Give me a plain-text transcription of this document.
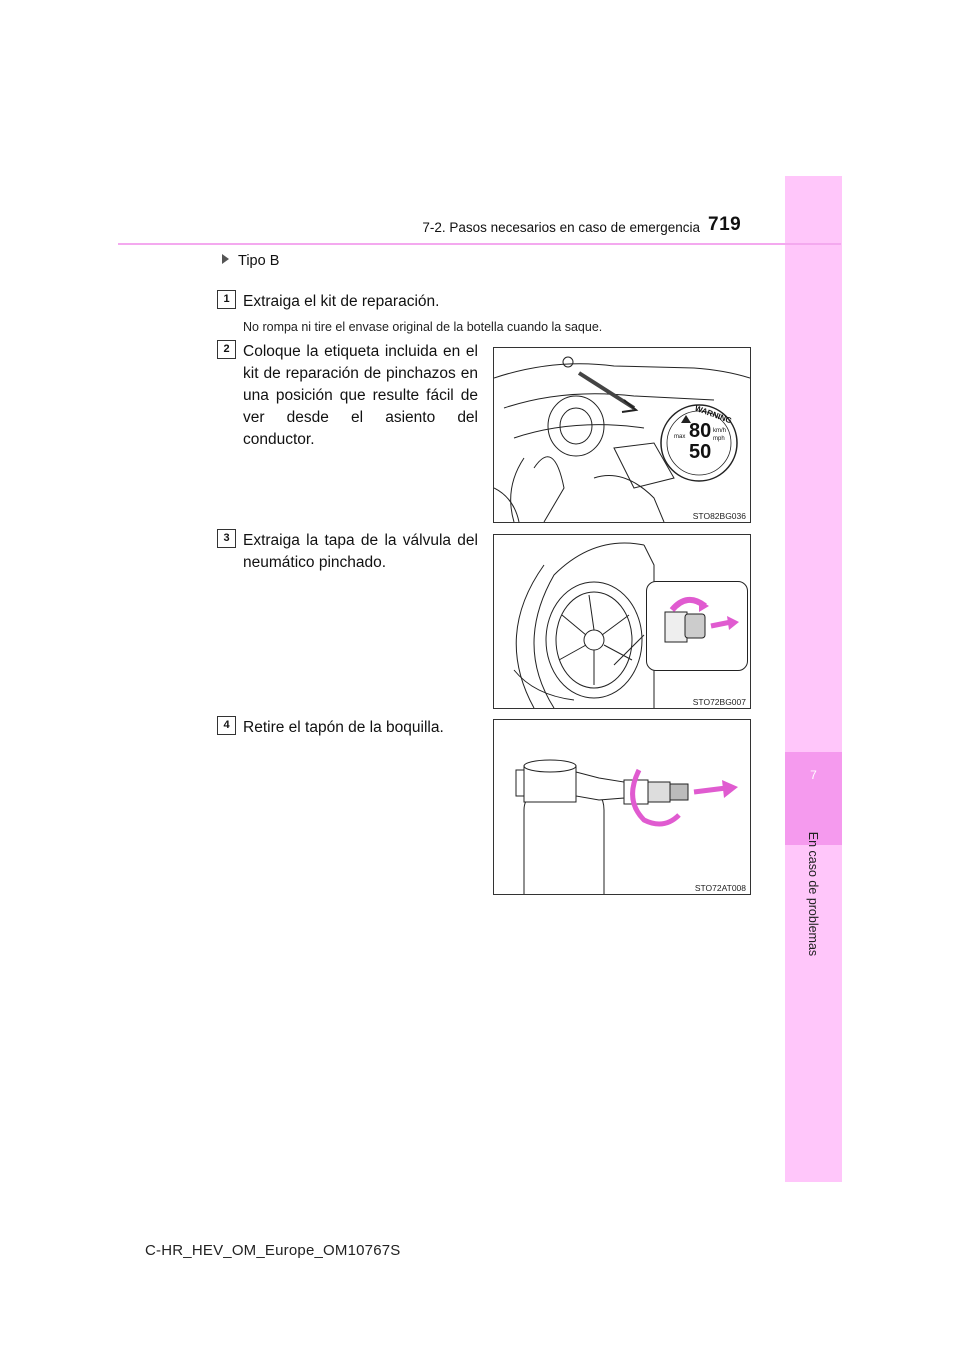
7
En caso de problemas
7-2. Pasos necesarios en caso de emergencia 719
Tipo B
1 Extraiga el kit de reparación.
No rompa ni tire el envase original de la botella cuando la saque.
2 Coloque la etiqueta incluida en el kit de reparación de pinchazos en una posición que resulte fácil de ver desde el asiento del conductor.
WARNING
80
50
km/h
mph
max
STO82BG036
3 Extraiga la tapa de la válvula del neumático pinchado.
STO72BG007
4 Retire el tapón de la boquilla.
STO72AT008
C-HR_HEV_OM_Europe_OM10767S
